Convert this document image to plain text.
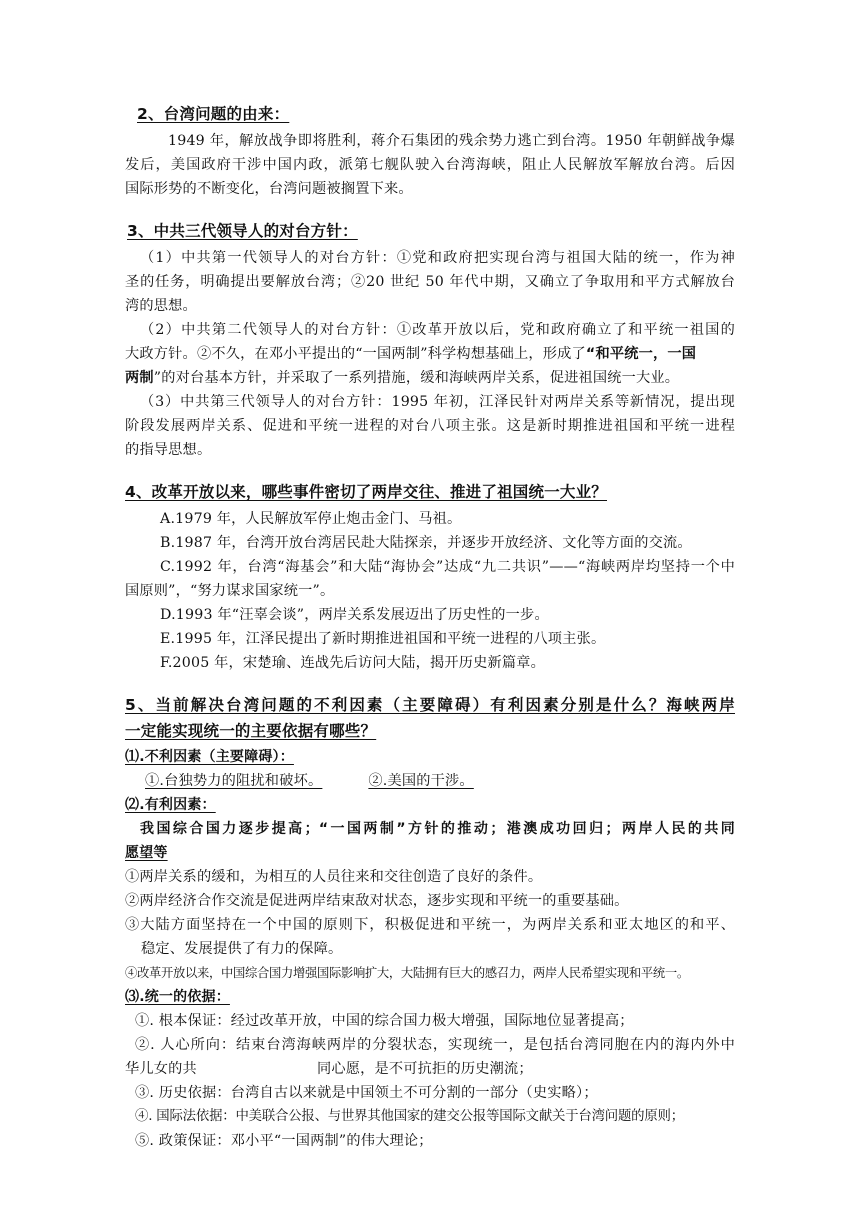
2、台湾问题的由来：
1949 年，解放战争即将胜利，蒋介石集团的残余势力逃亡到台湾。1950 年朝鲜战争爆
发后，美国政府干涉中国内政，派第七舰队驶入台湾海峡，阻止人民解放军解放台湾。后因
国际形势的不断变化，台湾问题被搁置下来。
3、中共三代领导人的对台方针：
（1）中共第一代领导人的对台方针：①党和政府把实现台湾与祖国大陆的统一，作为神
圣的任务，明确提出要解放台湾；②20 世纪 50 年代中期，又确立了争取用和平方式解放台
湾的思想。
（2）中共第二代领导人的对台方针：①改革开放以后，党和政府确立了和平统一祖国的
大政方针。②不久，在邓小平提出的“一国两制”科学构想基础上，形成了“和平统一，一国
两制”的对台基本方针，并采取了一系列措施，缓和海峡两岸关系，促进祖国统一大业。
（3）中共第三代领导人的对台方针：1995 年初，江泽民针对两岸关系等新情况，提出现
阶段发展两岸关系、促进和平统一进程的对台八项主张。这是新时期推进祖国和平统一进程
的指导思想。
4、改革开放以来，哪些事件密切了两岸交往、推进了祖国统一大业？
A.1979 年，人民解放军停止炮击金门、马祖。
B.1987 年，台湾开放台湾居民赴大陆探亲，并逐步开放经济、文化等方面的交流。
C.1992 年，台湾“海基会”和大陆“海协会”达成“九二共识”——“海峡两岸均坚持一个中
国原则”，“努力谋求国家统一”。
D.1993 年“汪辜会谈”，两岸关系发展迈出了历史性的一步。
E.1995 年，江泽民提出了新时期推进祖国和平统一进程的八项主张。
F.2005 年，宋楚瑜、连战先后访问大陆，揭开历史新篇章。
5、当前解决台湾问题的不利因素（主要障碍）有利因素分别是什么？海峡两岸
一定能实现统一的主要依据有哪些？
⑴.不利因素（主要障碍）：
①.台独势力的阻扰和破坏。	②.美国的干涉。
⑵.有利因素：
我国综合国力逐步提高；“一国两制”方针的推动；港澳成功回归；两岸人民的共同
愿望等
①两岸关系的缓和，为相互的人员往来和交往创造了良好的条件。
②两岸经济合作交流是促进两岸结束敌对状态，逐步实现和平统一的重要基础。
③大陆方面坚持在一个中国的原则下，积极促进和平统一，为两岸关系和亚太地区的和平、
稳定、发展提供了有力的保障。
④改革开放以来，中国综合国力增强国际影响扩大，大陆拥有巨大的感召力，两岸人民希望实现和平统一。
⑶.统一的依据：
①. 根本保证：经过改革开放，中国的综合国力极大增强，国际地位显著提高；
②. 人心所向：结束台湾海峡两岸的分裂状态，实现统一，是包括台湾同胞在内的海内外中
华儿女的共	同心愿，是不可抗拒的历史潮流；
③. 历史依据：台湾自古以来就是中国领土不可分割的一部分（史实略）；
④. 国际法依据：中美联合公报、与世界其他国家的建交公报等国际文献关于台湾问题的原则；
⑤. 政策保证：邓小平“一国两制”的伟大理论；
